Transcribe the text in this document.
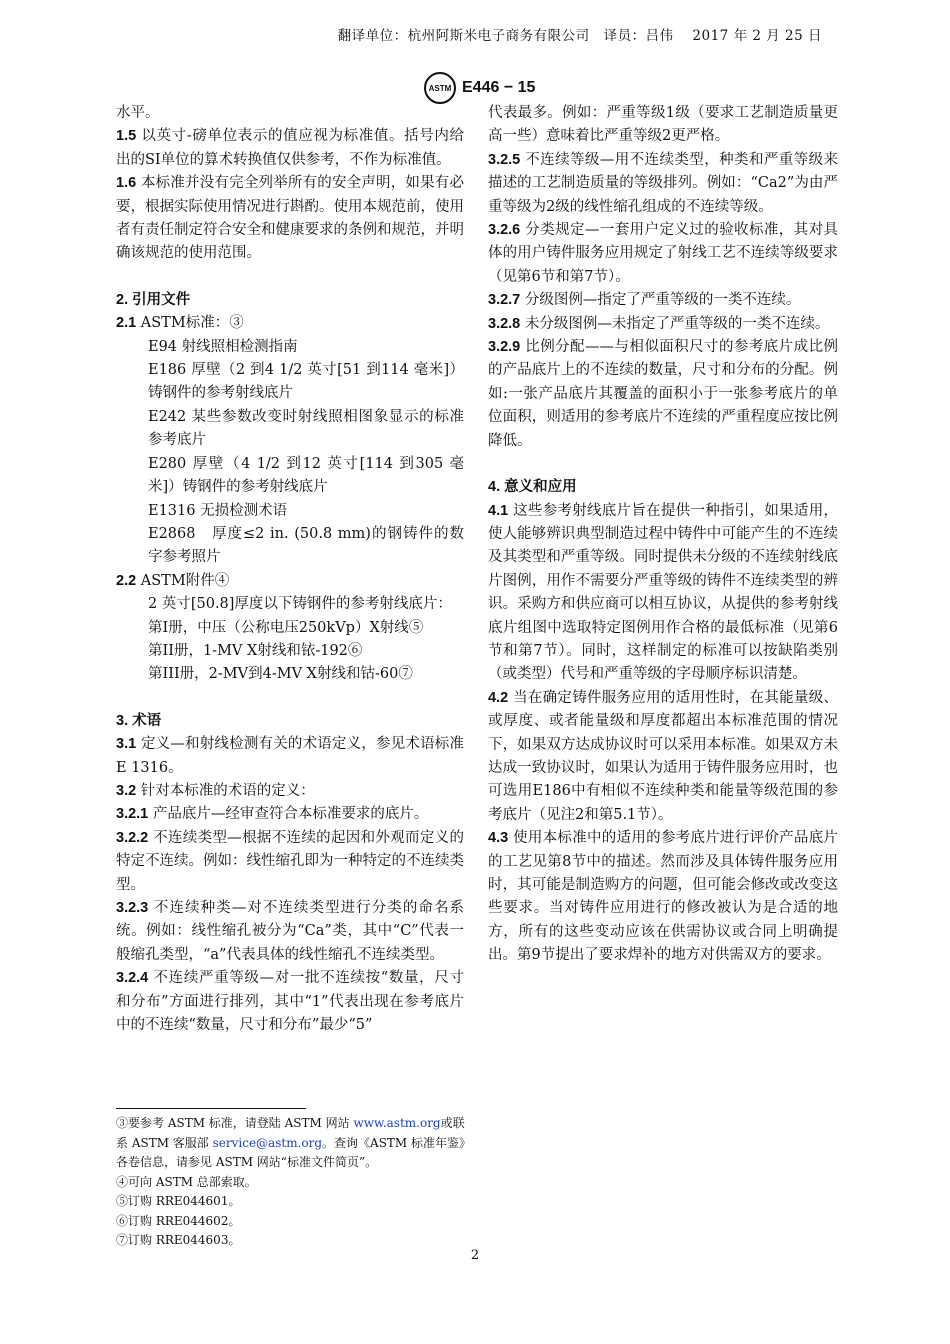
翻译单位：杭州阿斯米电子商务有限公司　译员：吕伟　 2017 年 2 月 25 日
ASTM E446 − 15

水平。

1.5 以英寸-磅单位表示的值应视为标准值。括号内给出的SI单位的算术转换值仅供参考，不作为标准值。

1.6 本标准并没有完全列举所有的安全声明，如果有必要，根据实际使用情况进行斟酌。使用本规范前，使用者有责任制定符合安全和健康要求的条例和规范，并明确该规范的使用范围。

2. 引用文件

2.1 ASTM标准：③

E94 射线照相检测指南

E186 厚壁（2 到4 1/2 英寸[51 到114 毫米]）铸钢件的参考射线底片

E242 某些参数改变时射线照相图象显示的标准参考底片

E280 厚壁（4 1/2 到12 英寸[114 到305 毫米]）铸钢件的参考射线底片

E1316 无损检测术语

E2868　厚度≤2 in. (50.8 mm)的钢铸件的数字参考照片

2.2 ASTM附件④

2 英寸[50.8]厚度以下铸钢件的参考射线底片：

第I册，中压（公称电压250kVp）X射线⑤

第II册，1-MV X射线和铱-192⑥

第III册，2-MV到4-MV X射线和钴-60⑦

3. 术语

3.1 定义—和射线检测有关的术语定义，参见术语标准E 1316。

3.2 针对本标准的术语的定义：

3.2.1 产品底片—经审查符合本标准要求的底片。

3.2.2 不连续类型—根据不连续的起因和外观而定义的特定不连续。例如：线性缩孔即为一种特定的不连续类型。

3.2.3 不连续种类—对不连续类型进行分类的命名系统。例如：线性缩孔被分为“Ca”类，其中“C”代表一般缩孔类型，“a”代表具体的线性缩孔不连续类型。

3.2.4 不连续严重等级—对一批不连续按“数量，尺寸和分布”方面进行排列，其中“1”代表出现在参考底片中的不连续“数量，尺寸和分布”最少“5”

代表最多。例如：严重等级1级（要求工艺制造质量更高一些）意味着比严重等级2更严格。

3.2.5 不连续等级—用不连续类型，种类和严重等级来描述的工艺制造质量的等级排列。例如：“Ca2”为由严重等级为2级的线性缩孔组成的不连续等级。

3.2.6 分类规定—一套用户定义过的验收标准，其对具体的用户铸件服务应用规定了射线工艺不连续等级要求（见第6节和第7节）。

3.2.7 分级图例—指定了严重等级的一类不连续。

3.2.8 未分级图例—未指定了严重等级的一类不连续。

3.2.9 比例分配——与相似面积尺寸的参考底片成比例的产品底片上的不连续的数量，尺寸和分布的分配。例如:一张产品底片其覆盖的面积小于一张参考底片的单位面积，则适用的参考底片不连续的严重程度应按比例降低。

4. 意义和应用

4.1 这些参考射线底片旨在提供一种指引，如果适用，使人能够辨识典型制造过程中铸件中可能产生的不连续及其类型和严重等级。同时提供未分级的不连续射线底片图例，用作不需要分严重等级的铸件不连续类型的辨识。采购方和供应商可以相互协议，从提供的参考射线底片组图中选取特定图例用作合格的最低标准（见第6节和第7节）。同时，这样制定的标准可以按缺陷类别（或类型）代号和严重等级的字母顺序标识清楚。

4.2 当在确定铸件服务应用的适用性时，在其能量级、或厚度、或者能量级和厚度都超出本标准范围的情况下，如果双方达成协议时可以采用本标准。如果双方未达成一致协议时，如果认为适用于铸件服务应用时，也可选用E186中有相似不连续种类和能量等级范围的参考底片（见注2和第5.1节）。

4.3 使用本标准中的适用的参考底片进行评价产品底片的工艺见第8节中的描述。然而涉及具体铸件服务应用时，其可能是制造购方的问题，但可能会修改或改变这些要求。当对铸件应用进行的修改被认为是合适的地方，所有的这些变动应该在供需协议或合同上明确提出。第9节提出了要求焊补的地方对供需双方的要求。

③要参考 ASTM 标准，请登陆 ASTM 网站 www.astm.org或联系 ASTM 客服部 service@astm.org。查询《ASTM 标准年鉴》各卷信息，请参见 ASTM 网站“标准文件简页”。

④可向 ASTM 总部索取。

⑤订购 RRE044601。

⑥订购 RRE044602。

⑦订购 RRE044603。

2
